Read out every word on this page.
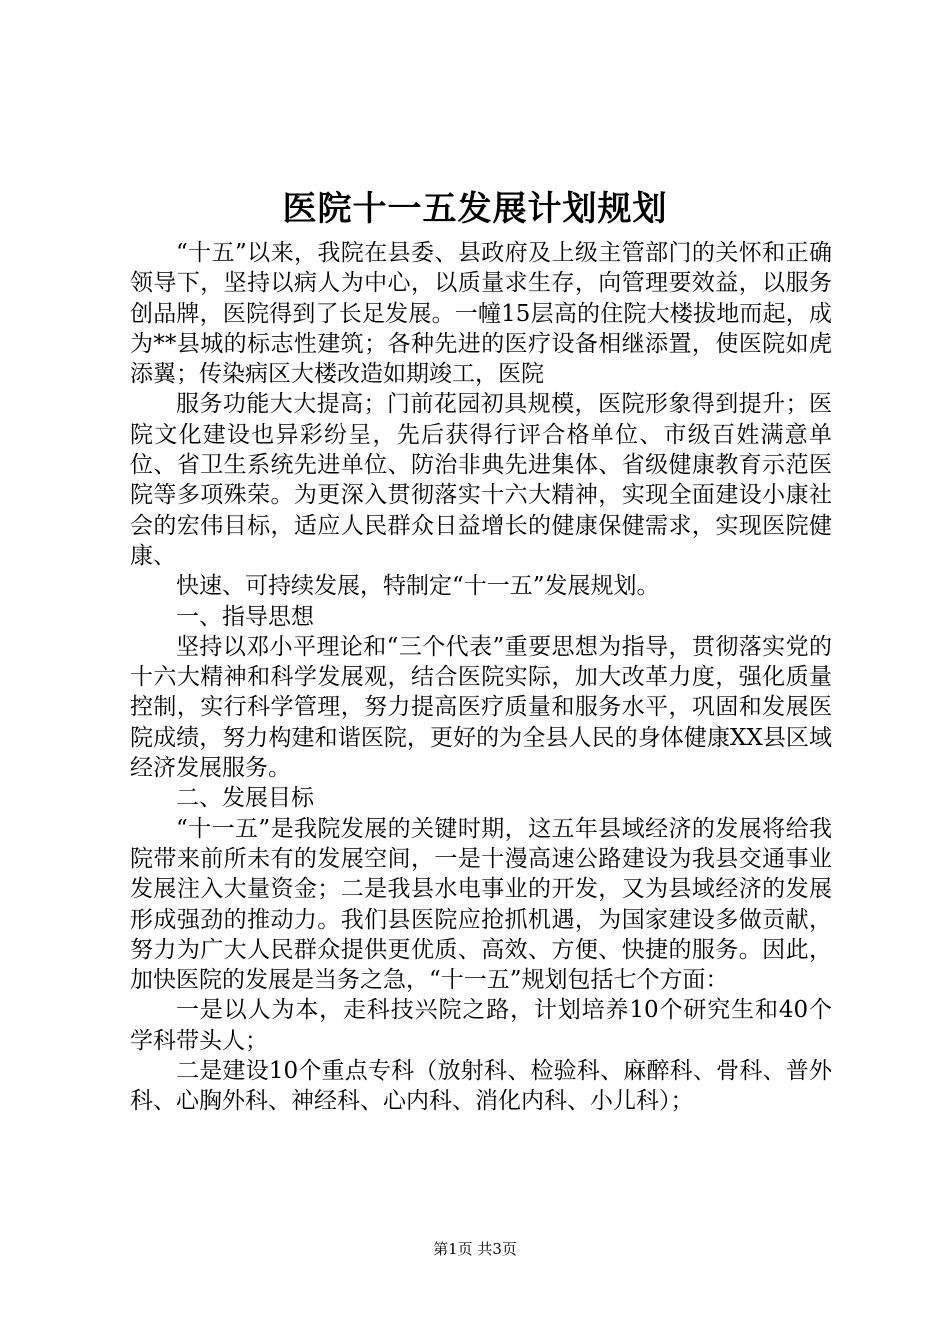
医院十一五发展计划规划

“十五”以来，我院在县委、县政府及上级主管部门的关怀和正确领导下，坚持以病人为中心，以质量求生存，向管理要效益，以服务创品牌，医院得到了长足发展。一幢15层高的住院大楼拔地而起，成为**县城的标志性建筑；各种先进的医疗设备相继添置，使医院如虎添翼；传染病区大楼改造如期竣工，医院

服务功能大大提高；门前花园初具规模，医院形象得到提升；医院文化建设也异彩纷呈，先后获得行评合格单位、市级百姓满意单位、省卫生系统先进单位、防治非典先进集体、省级健康教育示范医院等多项殊荣。为更深入贯彻落实十六大精神，实现全面建设小康社会的宏伟目标，适应人民群众日益增长的健康保健需求，实现医院健康、

快速、可持续发展，特制定“十一五”发展规划。

一、指导思想

坚持以邓小平理论和“三个代表”重要思想为指导，贯彻落实党的十六大精神和科学发展观，结合医院实际，加大改革力度，强化质量控制，实行科学管理，努力提高医疗质量和服务水平，巩固和发展医院成绩，努力构建和谐医院，更好的为全县人民的身体健康XX县区域经济发展服务。

二、发展目标

“十一五”是我院发展的关键时期，这五年县域经济的发展将给我院带来前所未有的发展空间，一是十漫高速公路建设为我县交通事业发展注入大量资金；二是我县水电事业的开发，又为县域经济的发展形成强劲的推动力。我们县医院应抢抓机遇，为国家建设多做贡献，努力为广大人民群众提供更优质、高效、方便、快捷的服务。因此，加快医院的发展是当务之急，“十一五”规划包括七个方面：

一是以人为本，走科技兴院之路，计划培养10个研究生和40个学科带头人；

二是建设10个重点专科（放射科、检验科、麻醉科、骨科、普外科、心胸外科、神经科、心内科、消化内科、小儿科）；

第1页 共3页
